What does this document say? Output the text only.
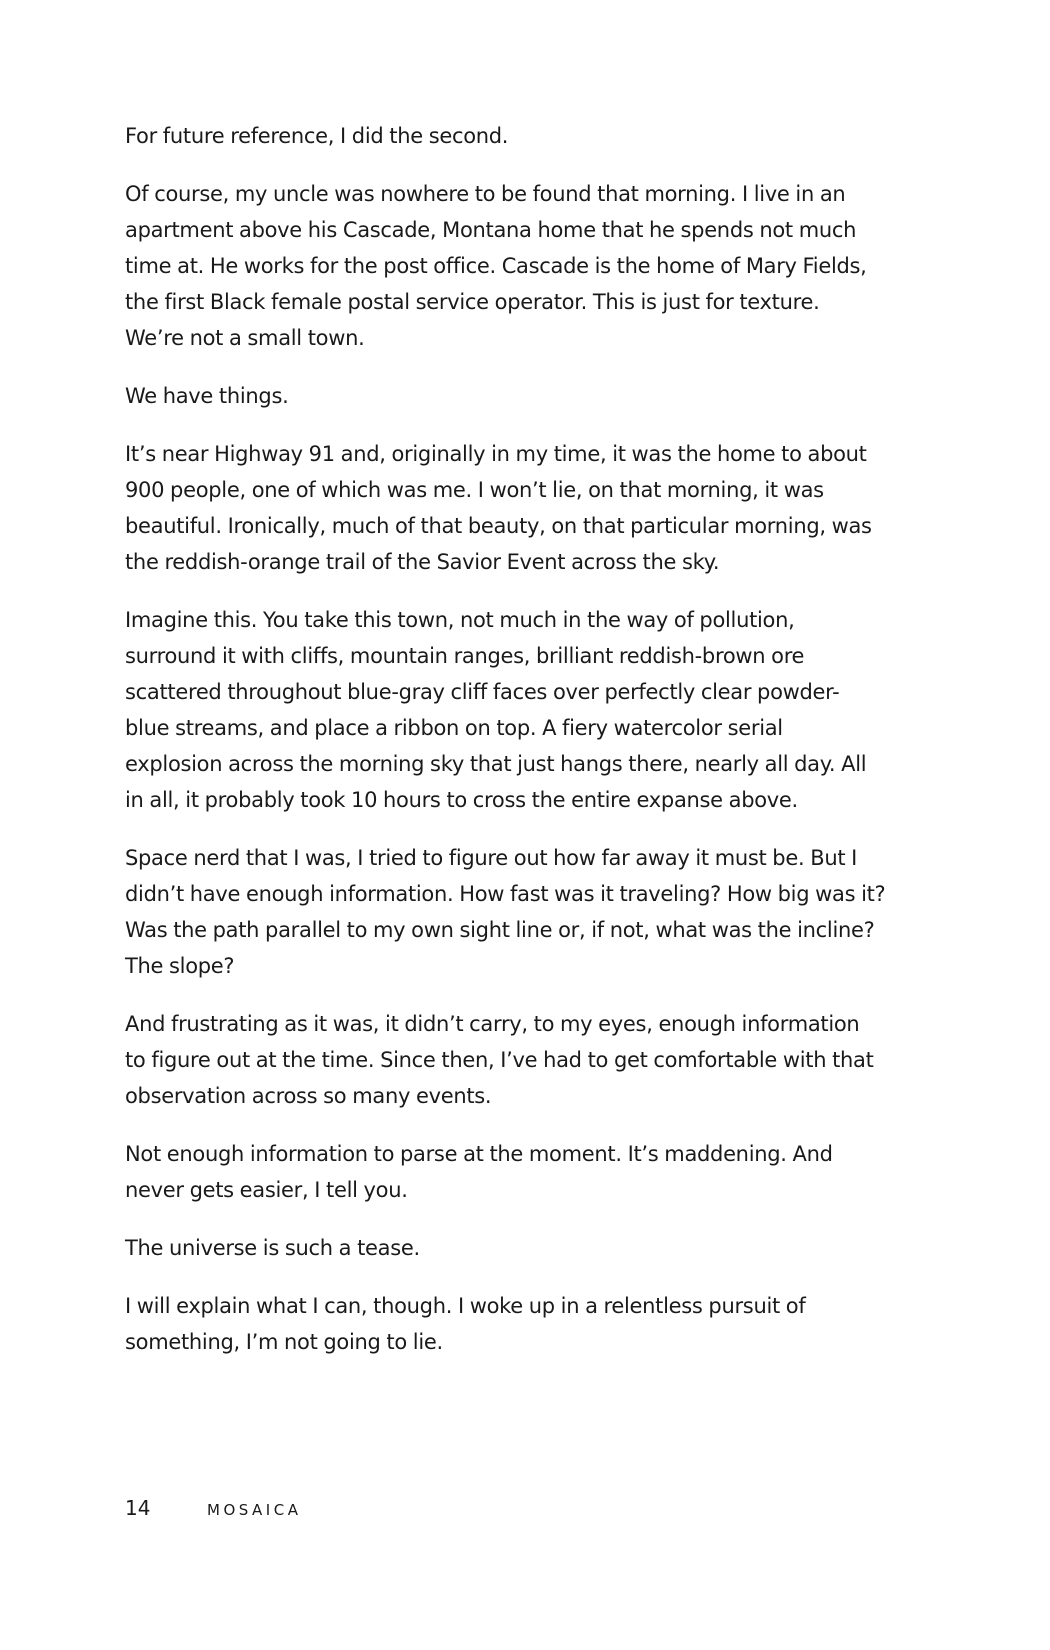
For future reference, I did the second.

Of course, my uncle was nowhere to be found that morning. I live in an
apartment above his Cascade, Montana home that he spends not much
time at. He works for the post office. Cascade is the home of Mary Fields,
the first Black female postal service operator. This is just for texture.
We’re not a small town.

We have things.

It’s near Highway 91 and, originally in my time, it was the home to about
900 people, one of which was me. I won’t lie, on that morning, it was
beautiful. Ironically, much of that beauty, on that particular morning, was
the reddish-orange trail of the Savior Event across the sky.

Imagine this. You take this town, not much in the way of pollution,
surround it with cliffs, mountain ranges, brilliant reddish-brown ore
scattered throughout blue-gray cliff faces over perfectly clear powder-
blue streams, and place a ribbon on top. A fiery watercolor serial
explosion across the morning sky that just hangs there, nearly all day. All
in all, it probably took 10 hours to cross the entire expanse above.

Space nerd that I was, I tried to figure out how far away it must be. But I
didn’t have enough information. How fast was it traveling? How big was it?
Was the path parallel to my own sight line or, if not, what was the incline?
The slope?

And frustrating as it was, it didn’t carry, to my eyes, enough information
to figure out at the time. Since then, I’ve had to get comfortable with that
observation across so many events.

Not enough information to parse at the moment. It’s maddening. And
never gets easier, I tell you.

The universe is such a tease.

I will explain what I can, though. I woke up in a relentless pursuit of
something, I’m not going to lie.

14	MOSAICA
